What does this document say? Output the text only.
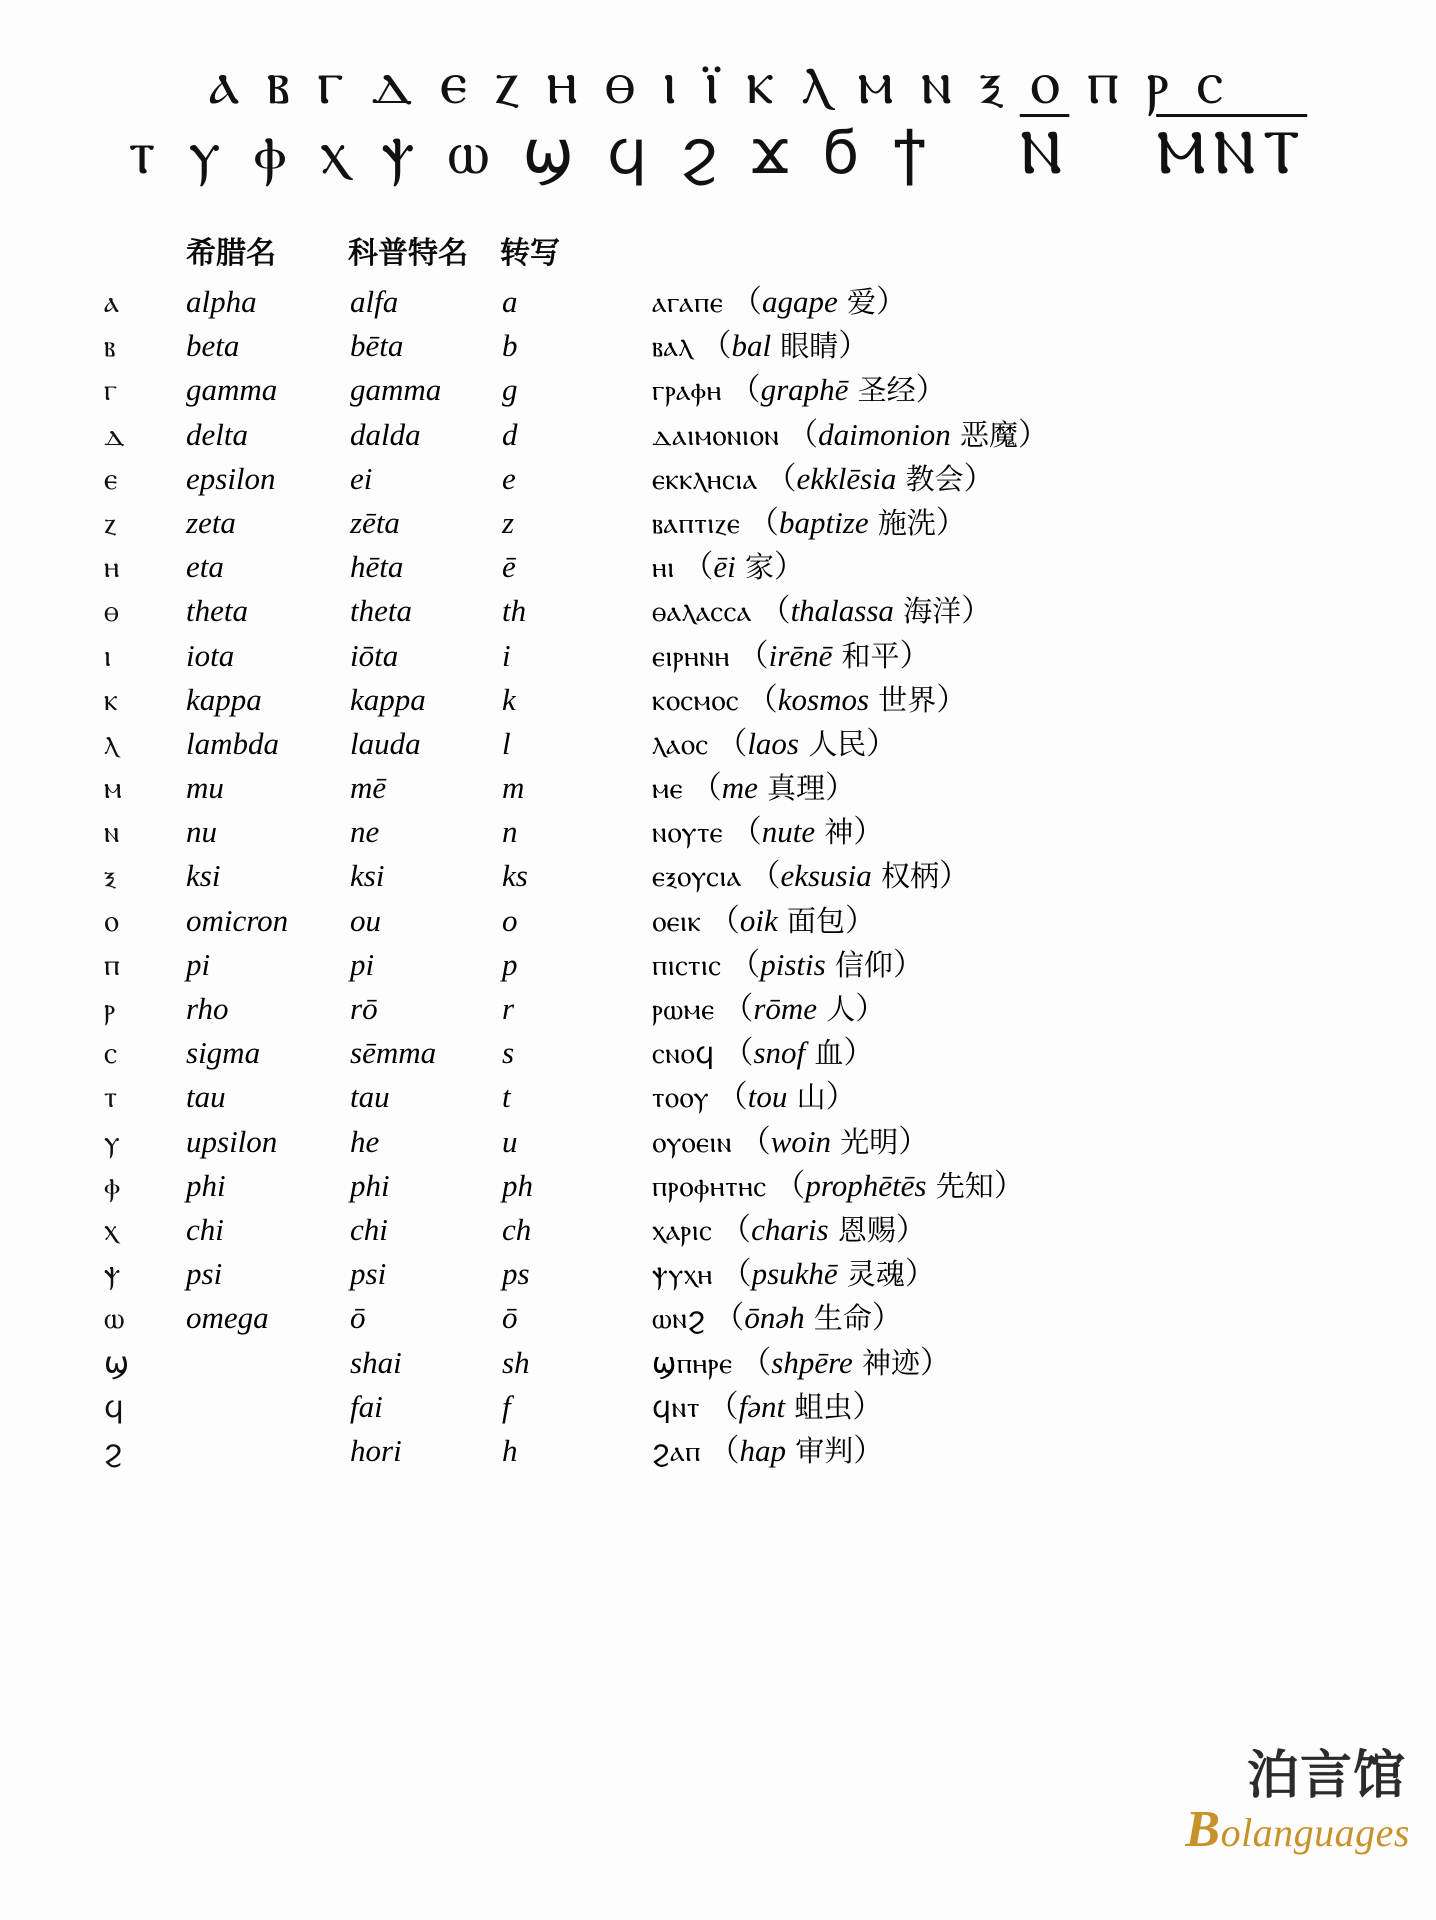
ⲁ ⲃ ⲅ ⲇ ⲉ ⲍ ⲏ ⲑ ⲓ ⲓ̈ ⲕ ⲗ ⲙ ⲛ ⲝ ⲟ ⲡ ⲣ ⲥ
ⲧ ⲩ ⲫ ⲭ ⲯ ⲱ ϣ ϥ ϩ ϫ ϭ ϯ Ⲛ ⲘⲚⲦ
	希腊名	科普特名	转写	
ⲁ	alpha	alfa	a	ⲁⲅⲁⲡⲉ （agape 爱）
ⲃ	beta	bēta	b	ⲃⲁⲗ （bal 眼睛）
ⲅ	gamma	gamma	g	ⲅⲣⲁⲫⲏ （graphē 圣经）
ⲇ	delta	dalda	d	ⲇⲁⲓⲙⲟⲛⲓⲟⲛ （daimonion 恶魔）
ⲉ	epsilon	ei	e	ⲉⲕⲕⲗⲏⲥⲓⲁ （ekklēsia 教会）
ⲍ	zeta	zēta	z	ⲃⲁⲡⲧⲓⲍⲉ （baptize 施洗）
ⲏ	eta	hēta	ē	ⲏⲓ （ēi 家）
ⲑ	theta	theta	th	ⲑⲁⲗⲁⲥⲥⲁ （thalassa 海洋）
ⲓ	iota	iōta	i	ⲉⲓⲣⲏⲛⲏ （irēnē 和平）
ⲕ	kappa	kappa	k	ⲕⲟⲥⲙⲟⲥ （kosmos 世界）
ⲗ	lambda	lauda	l	ⲗⲁⲟⲥ （laos 人民）
ⲙ	mu	mē	m	ⲙⲉ （me 真理）
ⲛ	nu	ne	n	ⲛⲟⲩⲧⲉ （nute 神）
ⲝ	ksi	ksi	ks	ⲉⲝⲟⲩⲥⲓⲁ （eksusia 权柄）
ⲟ	omicron	ou	o	ⲟⲉⲓⲕ （oik 面包）
ⲡ	pi	pi	p	ⲡⲓⲥⲧⲓⲥ （pistis 信仰）
ⲣ	rho	rō	r	ⲣⲱⲙⲉ （rōme 人）
ⲥ	sigma	sēmma	s	ⲥⲛⲟϥ （snof 血）
ⲧ	tau	tau	t	ⲧⲟⲟⲩ （tou 山）
ⲩ	upsilon	he	u	ⲟⲩⲟⲉⲓⲛ （woin 光明）
ⲫ	phi	phi	ph	ⲡⲣⲟⲫⲏⲧⲏⲥ （prophētēs 先知）
ⲭ	chi	chi	ch	ⲭⲁⲣⲓⲥ （charis 恩赐）
ⲯ	psi	psi	ps	ⲯⲩⲭⲏ （psukhē 灵魂）
ⲱ	omega	ō	ō	ⲱⲛϩ （ōnəh 生命）
ϣ		shai	sh	ϣⲡⲏⲣⲉ （shpēre 神迹）
ϥ		fai	f	ϥⲛⲧ （fənt 蛆虫）
ϩ		hori	h	ϩⲁⲡ （hap 审判）
泊言馆
Bolanguages
